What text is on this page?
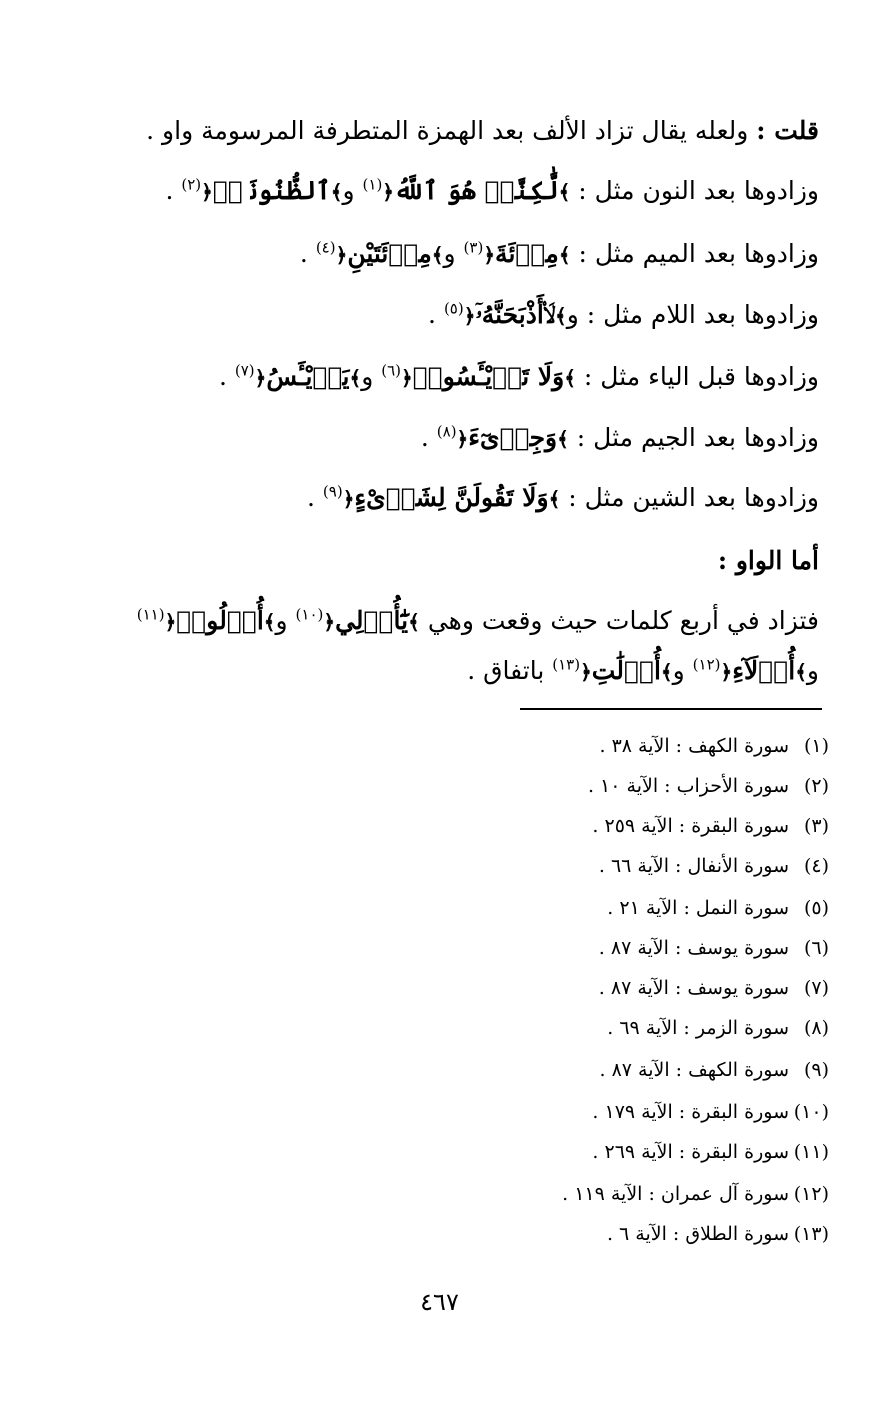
قلت : ولعله يقال تزاد الألف بعد الهمزة المتطرفة المرسومة واو .
وزادوها بعد النون مثل : ﴾لَّٰكِنَّا۠ هُوَ ٱللَّهُ﴿$^{(١)}$ و﴾ٱلظُّنُونَا۠﴿$^{(٢)}$ .
وزادوها بعد الميم مثل : ﴾مِا۟ئَةَ﴿$^{(٣)}$ و﴾مِا۟ئَتَيْنِ﴿$^{(٤)}$ .
وزادوها بعد اللام مثل : و﴾لَا۟أَذْبَحَنَّهُۥٓ﴿$^{(٥)}$ .
وزادوها قبل الياء مثل : ﴾وَلَا تَا۟يْـَٔسُوا۟﴿$^{(٦)}$ و﴾يَا۟يْـَٔسُ﴿$^{(٧)}$ .
وزادوها بعد الجيم مثل : ﴾وَجِا۟ىٓءَ﴿$^{(٨)}$ .
وزادوها بعد الشين مثل : ﴾وَلَا تَقُولَنَّ لِشَا۟ىْءٍ﴿$^{(٩)}$ .
أما الواو :
فتزاد في أربع كلمات حيث وقعت وهي ﴾يَٰٓأُو۟لِي﴿$^{(١٠)}$ و﴾أُو۟لُوا۟﴿$^{(١١)}$
و﴾أُو۟لَآءِ﴿$^{(١٢)}$ و﴾أُو۟لَٰتِ﴿$^{(١٣)}$ باتفاق .
(١)سورة الكهف : الآية ٣٨ .
(٢)سورة الأحزاب : الآية ١٠ .
(٣)سورة البقرة : الآية ٢٥٩ .
(٤)سورة الأنفال : الآية ٦٦ .
(٥)سورة النمل : الآية ٢١ .
(٦)سورة يوسف : الآية ٨٧ .
(٧)سورة يوسف : الآية ٨٧ .
(٨)سورة الزمر : الآية ٦٩ .
(٩)سورة الكهف : الآية ٨٧ .
(١٠)سورة البقرة : الآية ١٧٩ .
(١١)سورة البقرة : الآية ٢٦٩ .
(١٢)سورة آل عمران : الآية ١١٩ .
(١٣)سورة الطلاق : الآية ٦ .
٤٦٧
